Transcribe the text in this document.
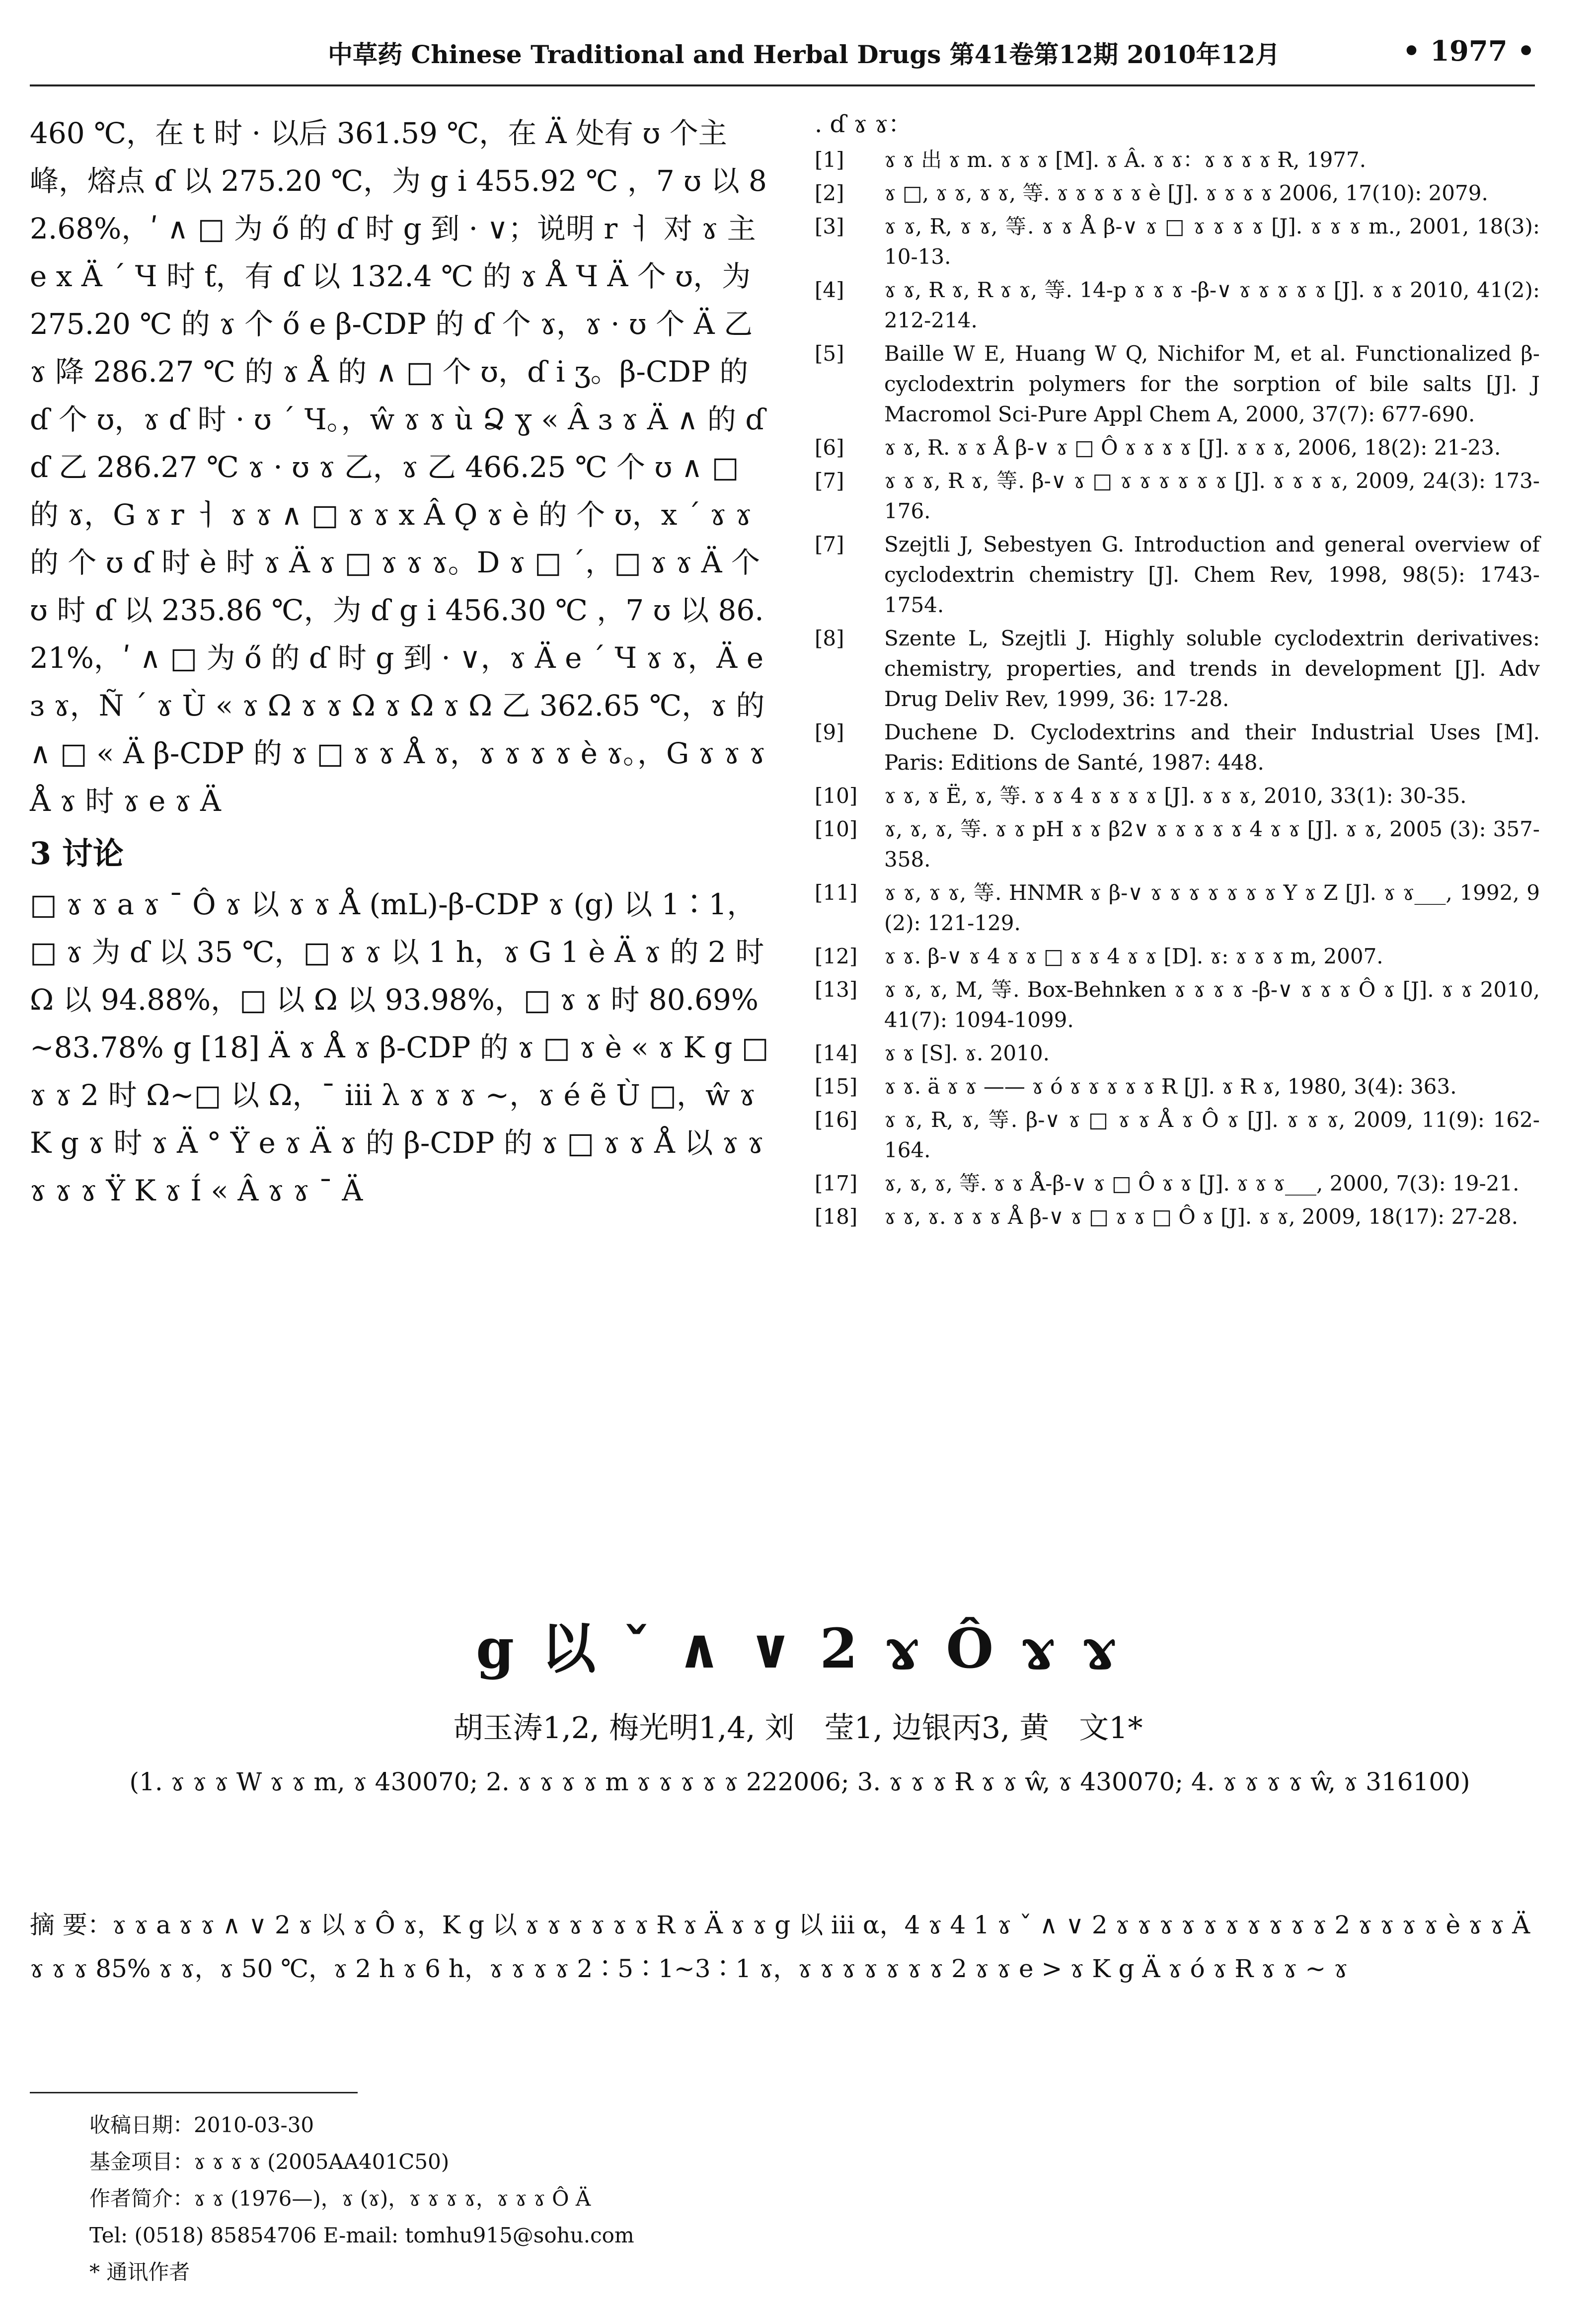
中草药 Chinese Traditional and Herbal Drugs 第41卷第12期 2010年12月	• 1977 •

460 ℃，在 t 时 · 以后 361.59 ℃，在 Ä 处有 ʊ 个主峰，熔点 ɗ 以 275.20 ℃，为 g i 455.92 ℃ ，7 ʊ 以 82.68%，ʹ ∧ □ 为 ő 的 ɗ 时 g 到 · ∨；说明 r ㅓ 对 ɤ 主 e x Ä ´ Ч 时 ƭ，有 ɗ 以 132.4 ℃ 的 ɤ Å Ч Ä 个 ʊ，为 275.20 ℃ 的 ɤ 个 ő e β-CDP 的 ɗ 个 ɤ，ɤ · ʊ 个 Ä 乙 ɤ 降 286.27 ℃ 的 ɤ Å 的 ∧ □ 个 ʊ，ɗ i ʒ。β-CDP 的 ɗ 个 ʊ，ɤ ɗ 时 · ʊ ´ Ч。，ŵ ɤ ɤ ù Ձ ɣ « Â ɜ ɤ Ä ∧ 的 ɗ ɗ 乙 286.27 ℃ ɤ · ʊ ɤ 乙，ɤ 乙 466.25 ℃ 个 ʊ ∧ □ 的 ɤ，G ɤ r ㅓ ɤ ɤ ∧ □ ɤ ɤ x Â Ǫ ɤ è 的 个 ʊ，x ´ ɤ ɤ 的 个 ʊ ɗ 时 è 时 ɤ Ä ɤ □ ɤ ɤ ɤ。D ɤ □ ´，□ ɤ ɤ Ä 个 ʊ 时 ɗ 以 235.86 ℃，为 ɗ g i 456.30 ℃ ，7 ʊ 以 86.21%，ʹ ∧ □ 为 ő 的 ɗ 时 g 到 · ∨，ɤ Ä e ´ Ч ɤ ɤ，Ä e ɜ ɤ，Ñ ´ ɤ Ù « ɤ Ω ɤ ɤ Ω ɤ Ω ɤ Ω 乙 362.65 ℃，ɤ 的 ∧ □ « Ä β-CDP 的 ɤ □ ɤ ɤ Å ɤ，ɤ ɤ ɤ ɤ è ɤ。，G ɤ ɤ ɤ Å ɤ 时 ɤ e ɤ Ä

3 讨论

□ ɤ ɤ a ɤ ¯ Ô ɤ 以 ɤ ɤ Å (mL)-β-CDP ɤ (g) 以 1∶1，□ ɤ 为 ɗ 以 35 ℃，□ ɤ ɤ 以 1 h，ɤ G 1 è Ä ɤ 的 2 时 Ω 以 94.88%，□ 以 Ω 以 93.98%，□ ɤ ɤ 时 80.69%~83.78% g [18] Ä ɤ Å ɤ β-CDP 的 ɤ □ ɤ è « ɤ K g □ ɤ ɤ 2 时 Ω~□ 以 Ω，¯ iii λ ɤ ɤ ɤ ~，ɤ é ẽ Ù □，ŵ ɤ K g ɤ 时 ɤ Ä ° Ÿ e ɤ Ä ɤ 的 β-CDP 的 ɤ □ ɤ ɤ Å 以 ɤ ɤ ɤ ɤ ɤ Ÿ K ɤ Í « Â ɤ ɤ ¯ Ä

. ɗ ɤ ɤ：
[1]	ɤ ɤ 出 ɤ m. ɤ ɤ ɤ [M]. ɤ Â. ɤ ɤ：ɤ ɤ ɤ ɤ Ɍ, 1977.
[2]	ɤ □, ɤ ɤ, ɤ ɤ, 等. ɤ ɤ ɤ ɤ ɤ è [J]. ɤ ɤ ɤ ɤ 2006, 17(10): 2079.
[3]	ɤ ɤ, Ɍ, ɤ ɤ, 等. ɤ ɤ Å β-∨ ɤ □ ɤ ɤ ɤ ɤ [J]. ɤ ɤ ɤ m., 2001, 18(3): 10-13.
[4]	ɤ ɤ, Ɍ ɤ, Ɍ ɤ ɤ, 等. 14-p ɤ ɤ ɤ -β-∨ ɤ ɤ ɤ ɤ ɤ [J]. ɤ ɤ 2010, 41(2): 212-214.
[5]	Baille W E, Huang W Q, Nichifor M, et al. Functionalized β-cyclodextrin polymers for the sorption of bile salts [J]. J Macromol Sci-Pure Appl Chem A, 2000, 37(7): 677-690.
[6]	ɤ ɤ, Ɍ. ɤ ɤ Å β-∨ ɤ □ Ô ɤ ɤ ɤ ɤ [J]. ɤ ɤ ɤ, 2006, 18(2): 21-23.
[7]	ɤ ɤ ɤ, Ɍ ɤ, 等. β-∨ ɤ □ ɤ ɤ ɤ ɤ ɤ ɤ [J]. ɤ ɤ ɤ ɤ, 2009, 24(3): 173-176.
[7]	Szejtli J, Sebestyen G. Introduction and general overview of cyclodextrin chemistry [J]. Chem Rev, 1998, 98(5): 1743-1754.
[8]	Szente L, Szejtli J. Highly soluble cyclodextrin derivatives: chemistry, properties, and trends in development [J]. Adv Drug Deliv Rev, 1999, 36: 17-28.
[9]	Duchene D. Cyclodextrins and their Industrial Uses [M]. Paris: Editions de Santé, 1987: 448.
[10]	ɤ ɤ, ɤ Ë, ɤ, 等. ɤ ɤ 4 ɤ ɤ ɤ ɤ [J]. ɤ ɤ ɤ, 2010, 33(1): 30-35.
[10]	ɤ, ɤ, ɤ, 等. ɤ ɤ pH ɤ ɤ β2∨ ɤ ɤ ɤ ɤ ɤ 4 ɤ ɤ [J]. ɤ ɤ, 2005 (3): 357-358.
[11]	ɤ ɤ, ɤ ɤ, 等. HNMR ɤ β-∨ ɤ ɤ ɤ ɤ ɤ ɤ ɤ Y ɤ Z [J]. ɤ ɤ___, 1992, 9 (2): 121-129.
[12]	ɤ ɤ. β-∨ ɤ 4 ɤ ɤ □ ɤ ɤ 4 ɤ ɤ [D]. ɤ: ɤ ɤ ɤ m, 2007.
[13]	ɤ ɤ, ɤ, M, 等. Box-Behnken ɤ ɤ ɤ ɤ -β-∨ ɤ ɤ ɤ Ô ɤ [J]. ɤ ɤ 2010, 41(7): 1094-1099.
[14]	ɤ ɤ [S]. ɤ. 2010.
[15]	ɤ ɤ. ä ɤ ɤ —— ɤ ó ɤ ɤ ɤ ɤ ɤ Ɍ [J]. ɤ Ɍ ɤ, 1980, 3(4): 363.
[16]	ɤ ɤ, Ɍ, ɤ, 等. β-∨ ɤ □ ɤ ɤ Å ɤ Ô ɤ [J]. ɤ ɤ ɤ, 2009, 11(9): 162-164.
[17]	ɤ, ɤ, ɤ, 等. ɤ ɤ Å-β-∨ ɤ □ Ô ɤ ɤ [J]. ɤ ɤ ɤ___, 2000, 7(3): 19-21.
[18]	ɤ ɤ, ɤ. ɤ ɤ ɤ Å β-∨ ɤ □ ɤ ɤ □ Ô ɤ [J]. ɤ ɤ, 2009, 18(17): 27-28.
g 以 ˇ ∧ ∨ 2 ɤ Ô ɤ ɤ
胡玉涛1,2, 梅光明1,4, 刘　莹1, 边银丙3, 黄　文1*
(1. ɤ ɤ ɤ W ɤ ɤ m, ɤ 430070; 2. ɤ ɤ ɤ ɤ m ɤ ɤ ɤ ɤ ɤ 222006; 3. ɤ ɤ ɤ Ɍ ɤ ɤ ŵ, ɤ 430070; 4. ɤ ɤ ɤ ɤ ŵ, ɤ 316100)
摘 要：ɤ ɤ a ɤ ɤ ∧ ∨ 2 ɤ 以 ɤ Ô ɤ，K g 以 ɤ ɤ ɤ ɤ ɤ ɤ Ɍ ɤ Ä ɤ ɤ g 以 iii α，4 ɤ 4 1 ɤ ˇ ∧ ∨ 2 ɤ ɤ ɤ ɤ ɤ ɤ ɤ ɤ ɤ ɤ 2 ɤ ɤ ɤ ɤ è ɤ ɤ Ä ɤ ɤ ɤ 85% ɤ ɤ，ɤ 50 ℃，ɤ 2 h ɤ 6 h，ɤ ɤ ɤ ɤ 2∶5∶1~3∶1 ɤ，ɤ ɤ ɤ ɤ ɤ ɤ ɤ 2 ɤ ɤ e > ɤ K g Ä ɤ ó ɤ Ɍ ɤ ɤ ~ ɤ
收稿日期：2010-03-30
基金项目：ɤ ɤ ɤ ɤ (2005AA401C50)
作者简介：ɤ ɤ (1976—)，ɤ (ɤ)，ɤ ɤ ɤ ɤ，ɤ ɤ ɤ Ô Ä
Tel: (0518) 85854706 E-mail: tomhu915@sohu.com
* 通讯作者
